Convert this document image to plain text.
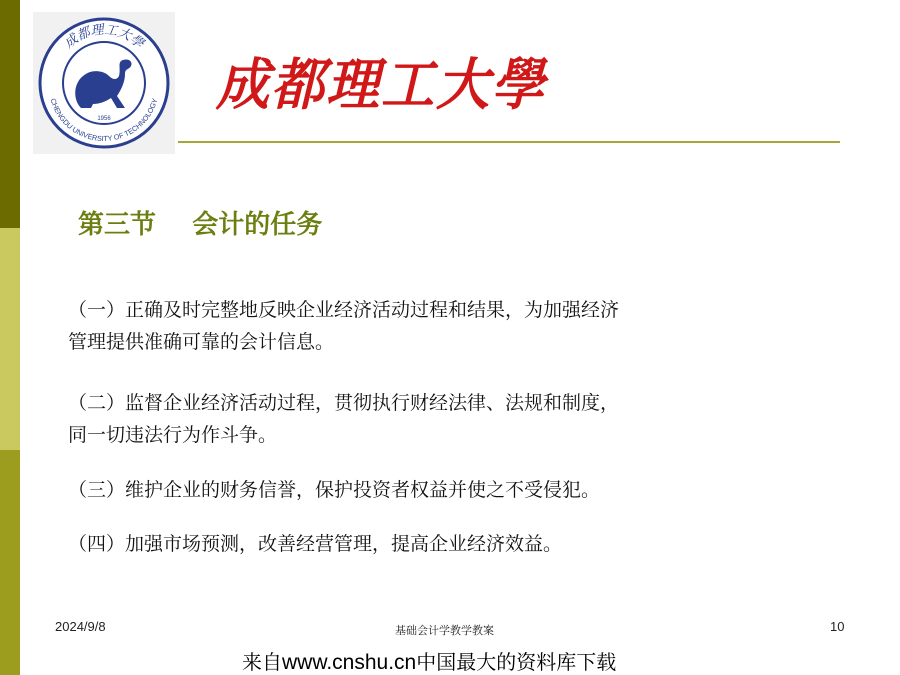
成都理工大學
CHENGDU UNIVERSITY OF TECHNOLOGY
1956
成都理工大學
第三节    会计的任务
（一）正确及时完整地反映企业经济活动过程和结果，为加强经济
管理提供准确可靠的会计信息。
（二）监督企业经济活动过程，贯彻执行财经法律、法规和制度，
同一切违法行为作斗争。
（三）维护企业的财务信誉，保护投资者权益并使之不受侵犯。
（四）加强市场预测，改善经营管理，提高企业经济效益。
2024/9/8	基础会计学教学教案	10
来自www.cnshu.cn中国最大的资料库下载
